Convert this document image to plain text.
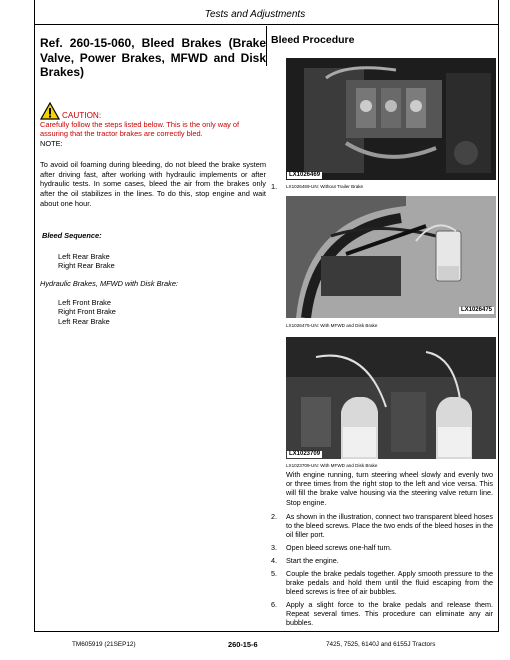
Tests and Adjustments
Ref. 260-15-060, Bleed Brakes (Brake Valve, Power Brakes, MFWD and Disk Brakes)
CAUTION:

Carefully follow the steps listed below. This is the only way of assuring that the tractor brakes are correctly bled.

NOTE:

To avoid oil foaming during bleeding, do not bleed the brake system after driving fast, after working with hydraulic implements or after hydraulic tests. In some cases, bleed the air from the brakes only after the oil stabilizes in the lines. To do this, stop engine and wait about one hour.

Bleed Sequence:

Left Rear Brake

Right Rear Brake

Hydraulic Brakes, MFWD with Disk Brake:

Left Front Brake

Right Front Brake

Left Rear Brake

Bleed Procedure
LX1026469
1. LX1026469-UN: Without Trailer Brake
LX1026475
LX1026475-UN: With MFWD and Disk Brake
LX1023709
LX1023709-UN: With MFWD and Disk Brake

With engine running, turn steering wheel slowly and evenly two or three times from the right stop to the left and vice versa. This will fill the brake valve housing via the steering valve return line. Stop engine.

2.	As shown in the illustration, connect two transparent bleed hoses to the bleed screws. Place the two ends of the bleed hoses in the oil filler port.
3.	Open bleed screws one-half turn.
4.	Start the engine.
5.	Couple the brake pedals together. Apply smooth pressure to the brake pedals and hold them until the fluid escaping from the bleed screws is free of air bubbles.
6.	Apply a slight force to the brake pedals and release them. Repeat several times. This procedure can eliminate any air bubbles.
TM605919 (21SEP12)	260-15-6	7425, 7525, 6140J and 6155J Tractors
